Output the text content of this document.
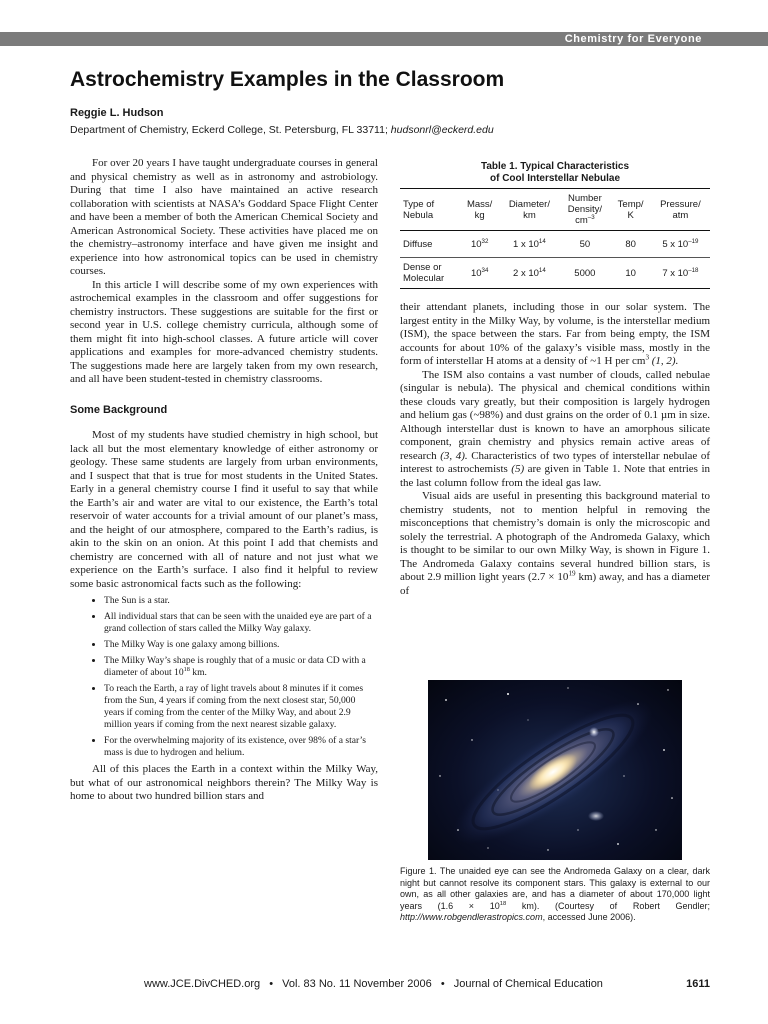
Chemistry for Everyone
Astrochemistry Examples in the Classroom
Reggie L. Hudson
Department of Chemistry, Eckerd College, St. Petersburg, FL 33711; hudsonrl@eckerd.edu

For over 20 years I have taught undergraduate courses in general and physical chemistry as well as in astronomy and astrobiology. During that time I also have maintained an active research collaboration with scientists at NASA’s Goddard Space Flight Center and have been a member of both the American Chemical Society and American Astronomical Society. These activities have placed me on the chemistry–astronomy interface and have given me insight and experience into how astronomical topics can be used in chemistry courses.

In this article I will describe some of my own experiences with astrochemical examples in the classroom and offer suggestions for chemistry instructors. These suggestions are suitable for the first or second year in U.S. college chemistry curricula, although some of them might fit into high-school classes. A future article will cover applications and examples for more-advanced chemistry students. The suggestions made here are largely taken from my own research, and all have been student-tested in chemistry classrooms.

Some Background

Most of my students have studied chemistry in high school, but lack all but the most elementary knowledge of either astronomy or geology. These same students are largely from urban environments, and I suspect that that is true for most students in the United States. Early in a general chemistry course I find it useful to say that while the Earth’s air and water are vital to our existence, the Earth’s total reservoir of water accounts for a trivial amount of our planet’s mass, and the height of our atmosphere, compared to the Earth’s radius, is akin to the skin on an onion. At this point I add that chemists and chemistry are concerned with all of nature and not just what we experience on the Earth’s surface. I also find it helpful to review some basic astronomical facts such as the following:

• The Sun is a star.
• All individual stars that can be seen with the unaided eye are part of a grand collection of stars called the Milky Way galaxy.
• The Milky Way is one galaxy among billions.
• The Milky Way’s shape is roughly that of a music or data CD with a diameter of about $10^{18}$ km.
• To reach the Earth, a ray of light travels about 8 minutes if it comes from the Sun, 4 years if coming from the next closest star, 50,000 years if coming from the center of the Milky Way, and about 2.9 million years if coming from the next nearest sizable galaxy.
• For the overwhelming majority of its existence, over 98% of a star’s mass is due to hydrogen and helium.

All of this places the Earth in a context within the Milky Way, but what of our astronomical neighbors therein? The Milky Way is home to about two hundred billion stars and

Table 1. Typical Characteristics
of Cool Interstellar Nebulae
Type of
Nebula	Mass/
kg	Diameter/
km	Number
Density/
$cm^{-3}$	Temp/
K	Pressure/
atm
Diffuse	$10^{32}$	1 x $10^{14}$	50	80	5 x $10^{-19}$
Dense or
Molecular	$10^{34}$	2 x $10^{14}$	5000	10	7 x $10^{-18}$

their attendant planets, including those in our solar system. The largest entity in the Milky Way, by volume, is the interstellar medium (ISM), the space between the stars. Far from being empty, the ISM accounts for about 10% of the galaxy’s visible mass, mostly in the form of interstellar H atoms at a density of ~1 H per $cm^3$ (1, 2).

The ISM also contains a vast number of clouds, called nebulae (singular is nebula). The physical and chemical conditions within these clouds vary greatly, but their composition is largely hydrogen and helium gas (~98%) and dust grains on the order of 0.1 µm in size. Although interstellar dust is known to have an amorphous silicate component, grain chemistry and physics remain active areas of research (3, 4). Characteristics of two types of interstellar nebulae of interest to astrochemists (5) are given in Table 1. Note that entries in the last column follow from the ideal gas law.

Visual aids are useful in presenting this background material to chemistry students, not to mention helpful in removing the misconceptions that chemistry’s domain is only the microscopic and solely the terrestrial. A photograph of the Andromeda Galaxy, which is thought to be similar to our own Milky Way, is shown in Figure 1. The Andromeda Galaxy contains several hundred billion stars, is about 2.9 million light years ($2.7 \times 10^{19}$ km) away, and has a diameter of

Figure 1. The unaided eye can see the Andromeda Galaxy on a clear, dark night but cannot resolve its component stars. This galaxy is external to our own, as all other galaxies are, and has a diameter of about 170,000 light years ($1.6 \times 10^{18}$ km). (Courtesy of Robert Gendler; http://www.robgendlerastropics.com, accessed June 2006).
www.JCE.DivCHED.org • Vol. 83 No. 11 November 2006 • Journal of Chemical Education	1611
